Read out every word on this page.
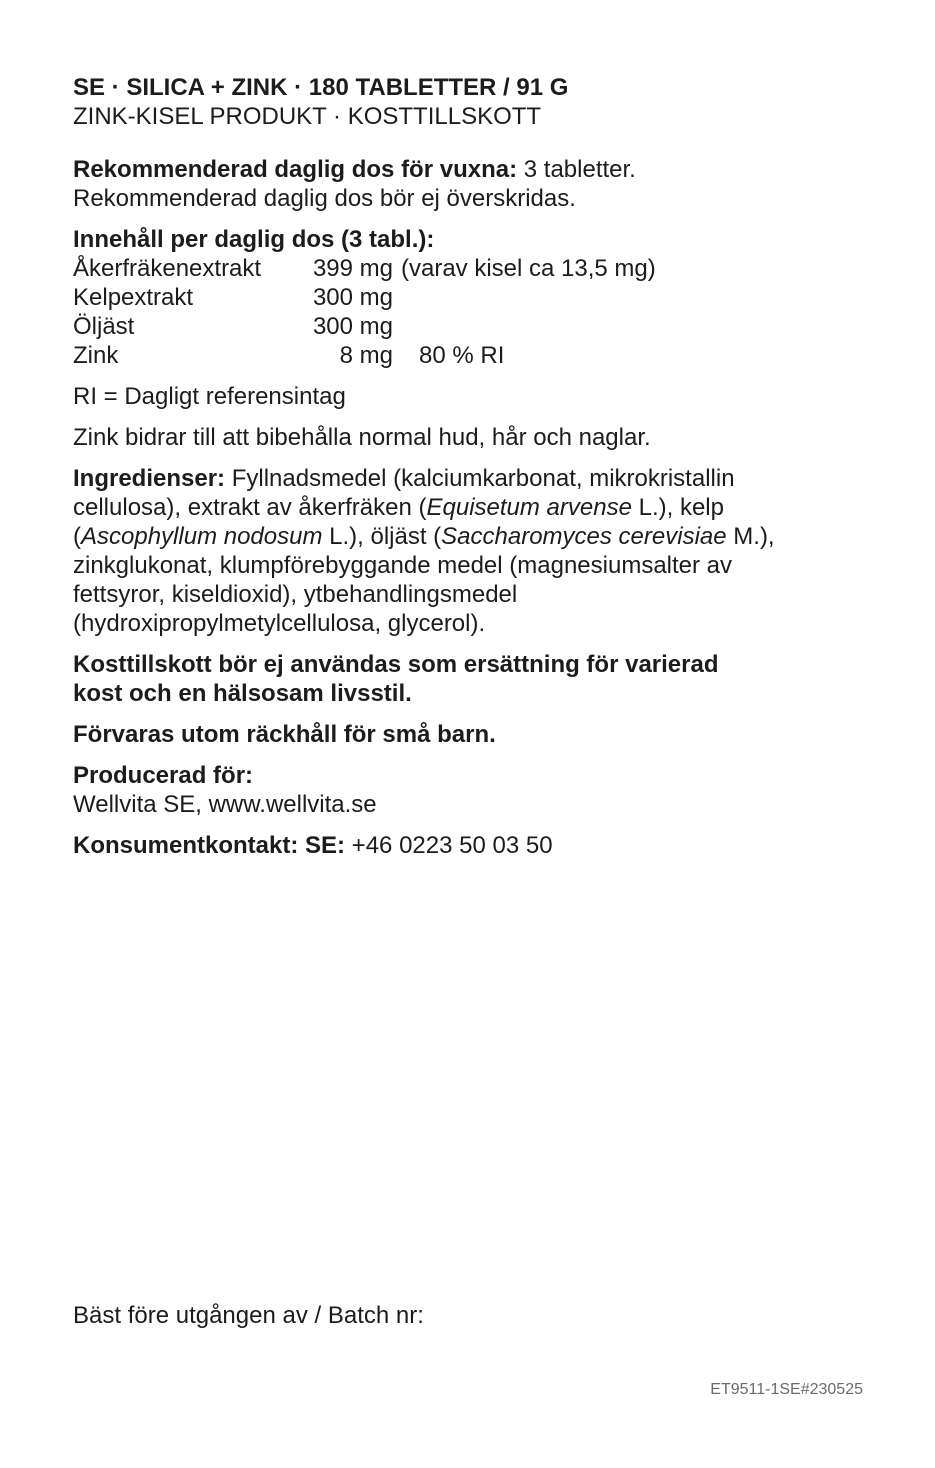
SE · SILICA + ZINK · 180 TABLETTER / 91 G
ZINK-KISEL PRODUKT · KOSTTILLSKOTT
Rekommenderad daglig dos för vuxna: 3 tabletter.
Rekommenderad daglig dos bör ej överskridas.
Innehåll per daglig dos (3 tabl.):
Åkerfräkenextrakt	399 mg	(varav kisel ca 13,5 mg)
Kelpextrakt	300 mg	
Öljäst	300 mg	
Zink	8 mg	80 % RI
RI = Dagligt referensintag
Zink bidrar till att bibehålla normal hud, hår och naglar.
Ingredienser: Fyllnadsmedel (kalciumkarbonat, mikrokristallin cellulosa), extrakt av åkerfräken (Equisetum arvense L.), kelp (Ascophyllum nodosum L.), öljäst (Saccharomyces cerevisiae M.), zinkglukonat, klumpförebyggande medel (magnesiumsalter av fettsyror, kiseldioxid), ytbehandlingsmedel (hydroxipropylmetylcellulosa, glycerol).
Kosttillskott bör ej användas som ersättning för varierad kost och en hälsosam livsstil.
Förvaras utom räckhåll för små barn.
Producerad för:
Wellvita SE, www.wellvita.se
Konsumentkontakt: SE: +46 0223 50 03 50
Bäst före utgången av / Batch nr:
ET9511-1SE#230525
